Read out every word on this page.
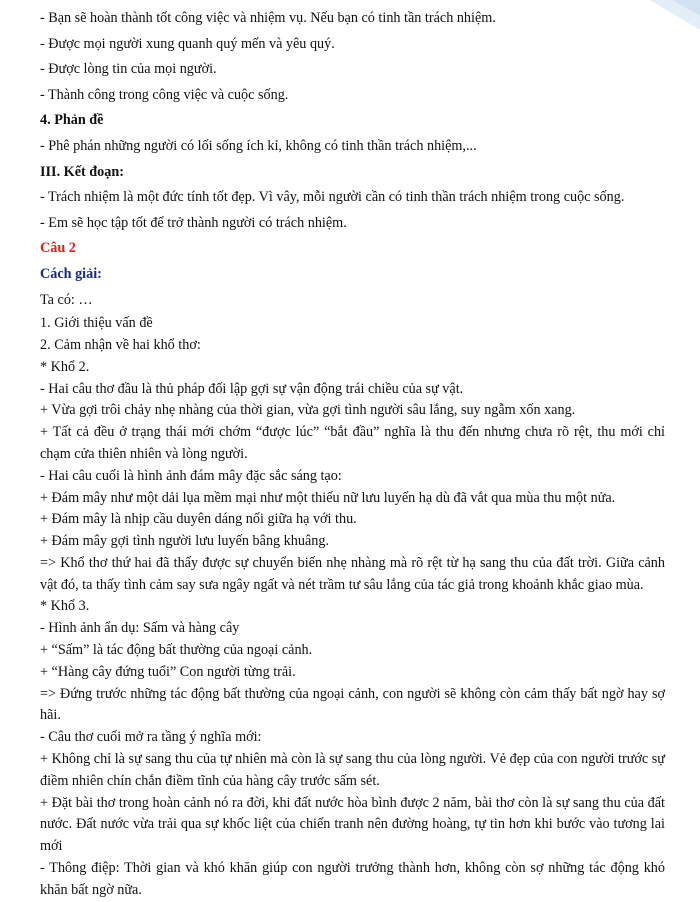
- Bạn sẽ hoàn thành tốt công việc và nhiệm vụ. Nếu bạn có tinh tần trách nhiệm.
- Được mọi người xung quanh quý mến và yêu quý.
- Được lòng tin của mọi người.
- Thành công trong công việc và cuộc sống.
4. Phản đề
- Phê phán những người có lối sống ích kỉ, không có tinh thần trách nhiệm,...
III. Kết đoạn:
- Trách nhiệm là một đức tính tốt đẹp. Vì vây, mỗi người cần có tinh thần trách nhiệm trong cuộc sống.
- Em sẽ học tập tốt để trở thành người có trách nhiệm.
Câu 2
Cách giải:
Ta có: …
1. Giới thiệu vấn đề
2. Cảm nhận về hai khổ thơ:
* Khổ 2.
- Hai câu thơ đầu là thủ pháp đối lập gợi sự vận động trái chiều của sự vật.
+ Vừa gợi trôi chảy nhẹ nhàng của thời gian, vừa gợi tình người sâu lắng, suy ngẫm xốn xang.
+ Tất cả đều ở trạng thái mới chớm “được lúc” “bắt đầu” nghĩa là thu đến nhưng chưa rõ rệt, thu mới chỉ chạm cửa thiên nhiên và lòng người.
- Hai câu cuối là hình ảnh đám mây đặc sắc sáng tạo:
+ Đám mây như một dải lụa mềm mại như một thiếu nữ lưu luyến hạ dù đã vắt qua mùa thu một nửa.
+ Đám mây là nhịp cầu duyên dáng nối giữa hạ với thu.
+ Đám mây gợi tình người lưu luyến bâng khuâng.
=> Khổ thơ thứ hai đã thấy được sự chuyển biến nhẹ nhàng mà rõ rệt từ hạ sang thu của đất trời. Giữa cảnh vật đó, ta thấy tình cảm say sưa ngây ngất và nét trầm tư sâu lắng của tác giả trong khoảnh khắc giao mùa.
* Khổ 3.
- Hình ảnh ẩn dụ: Sấm và hàng cây
+ “Sấm” là tác động bất thường của ngoại cảnh.
+ “Hàng cây đứng tuổi” Con người từng trải.
=> Đứng trước những tác động bất thường của ngoại cảnh, con người sẽ không còn cảm thấy bất ngờ hay sợ hãi.
- Câu thơ cuối mở ra tầng ý nghĩa mới:
+ Không chỉ là sự sang thu của tự nhiên mà còn là sự sang thu của lòng người. Vẻ đẹp của con người trước sự điềm nhiên chín chắn điềm tĩnh của hàng cây trước sấm sét.
+ Đặt bài thơ trong hoàn cảnh nó ra đời, khi đất nước hòa bình được 2 năm, bài thơ còn là sự sang thu của đất nước. Đất nước vừa trải qua sự khốc liệt của chiến tranh nên đường hoàng, tự tin hơn khi bước vào tương lai mới
- Thông điệp: Thời gian và khó khăn giúp con người trưởng thành hơn, không còn sợ những tác động khó khăn bất ngờ nữa.
